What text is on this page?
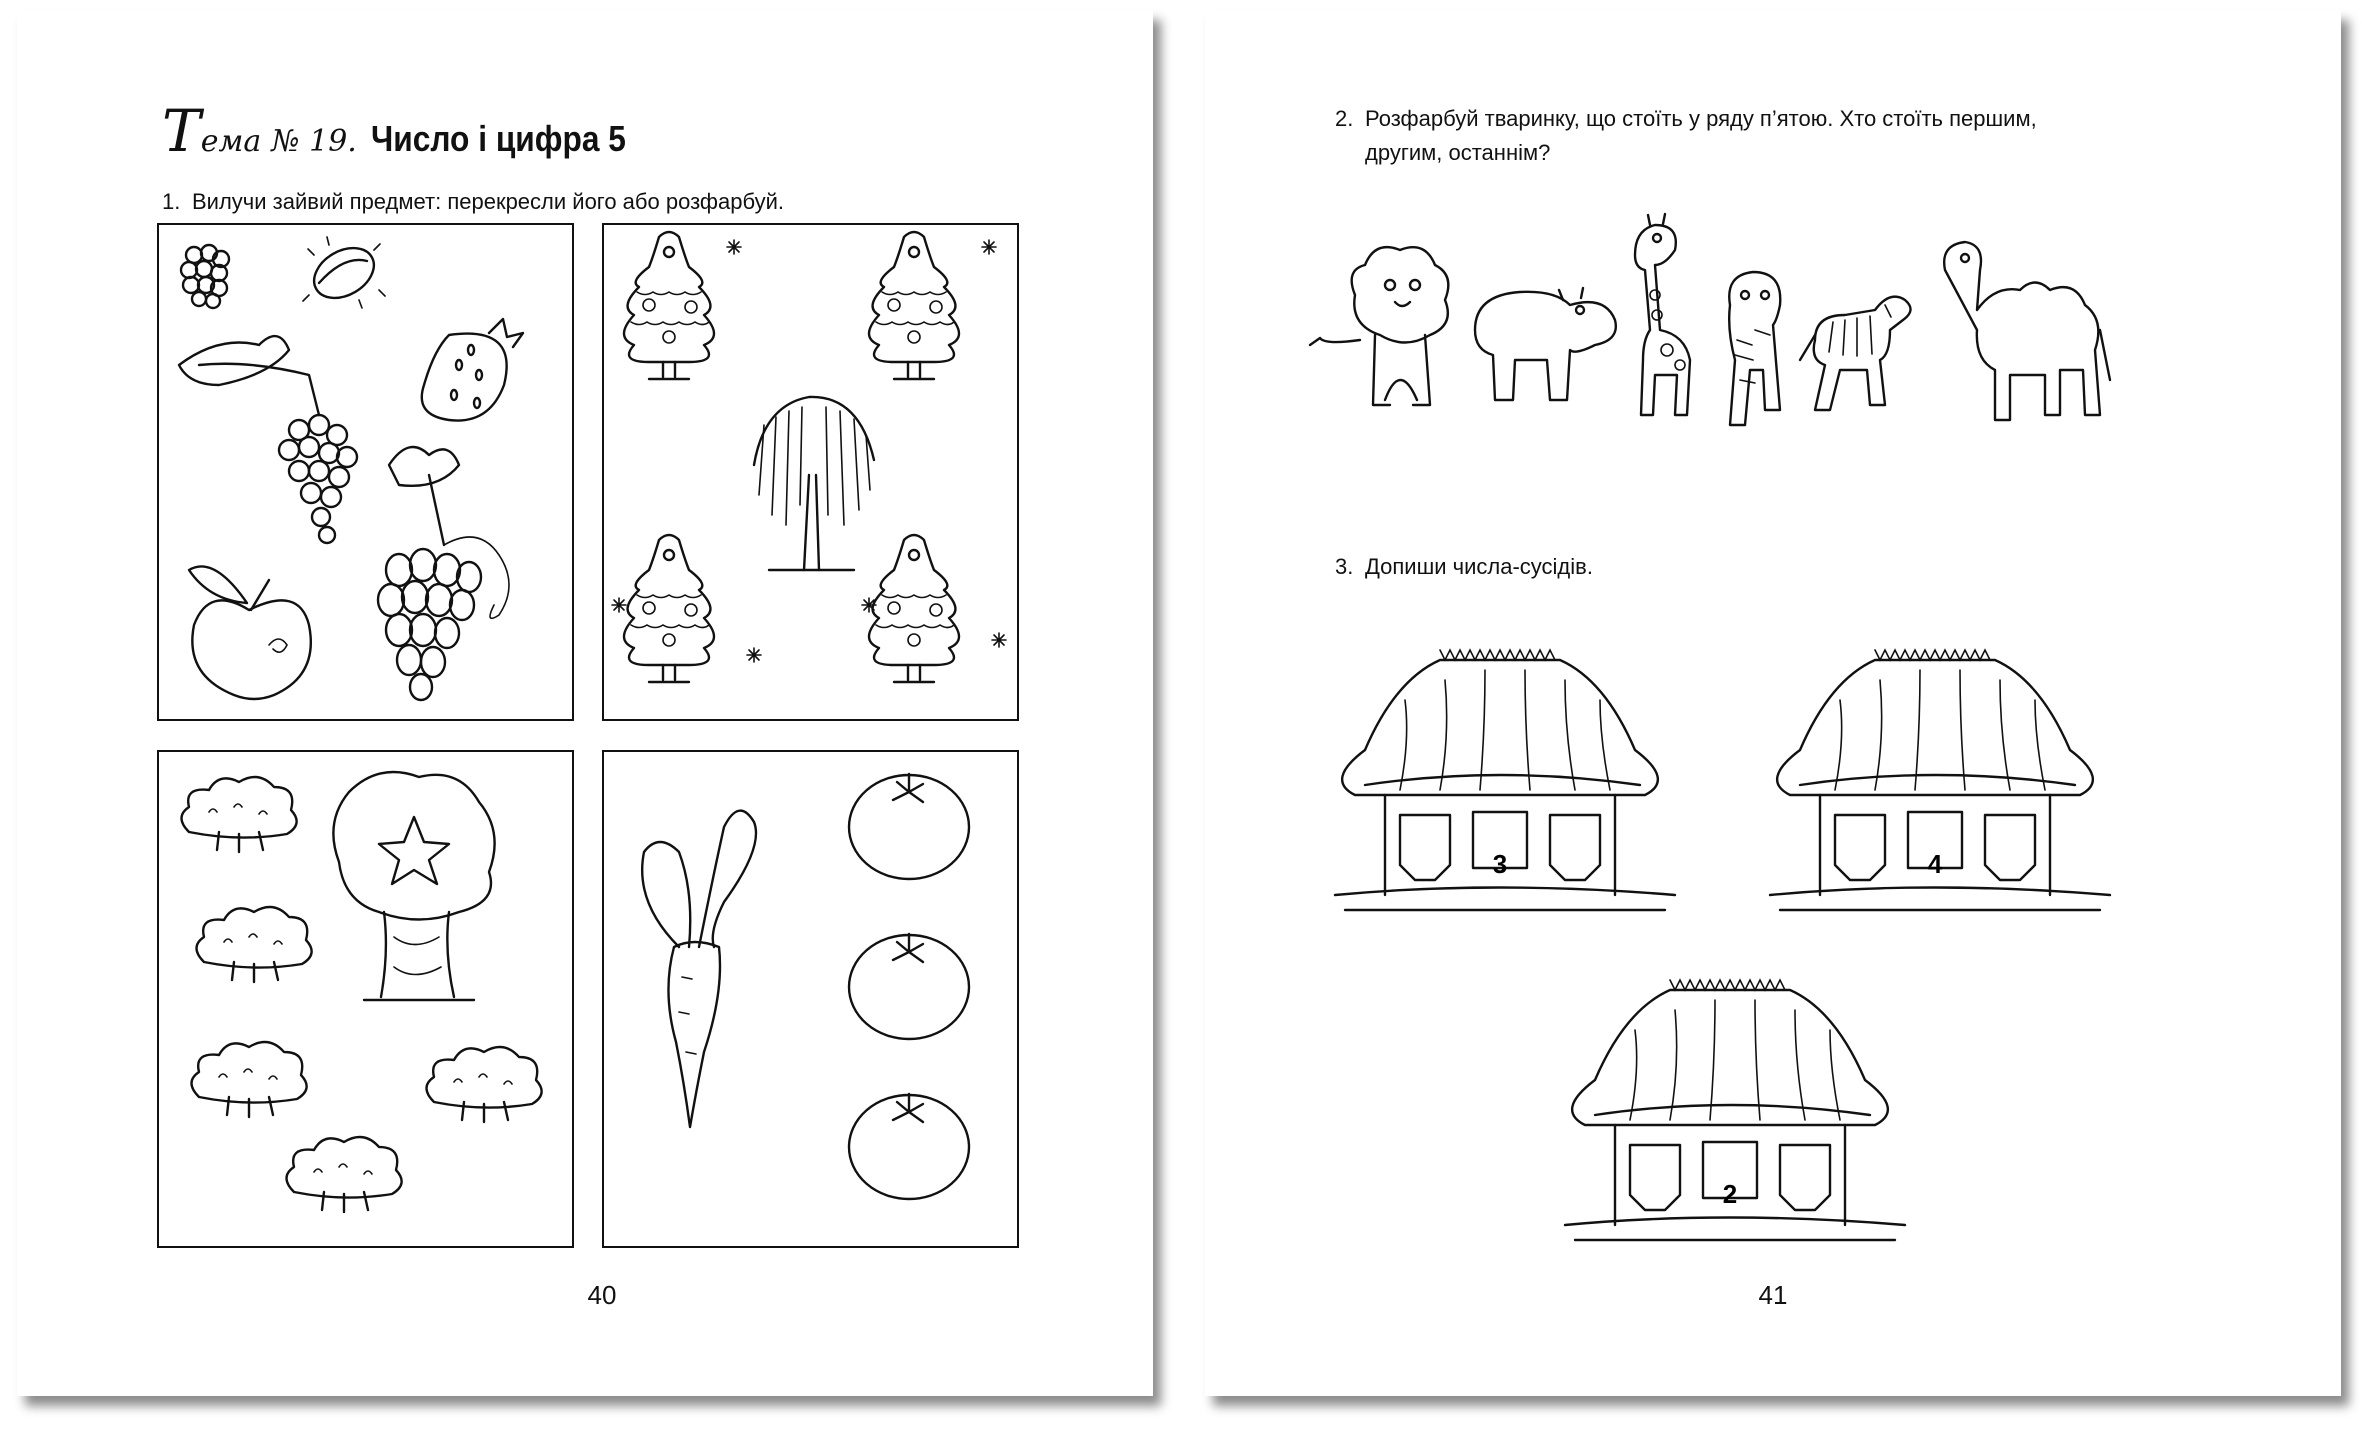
Т ема № 19. Число і цифра 5
1. Вилучи зайвий предмет: перекресли його або розфарбуй.
40
2. Розфарбуй тваринку, що стоїть у ряду п’ятою. Хто стоїть першим,
другим, останнім?
3. Допиши числа-сусідів.
3	4
2
41
